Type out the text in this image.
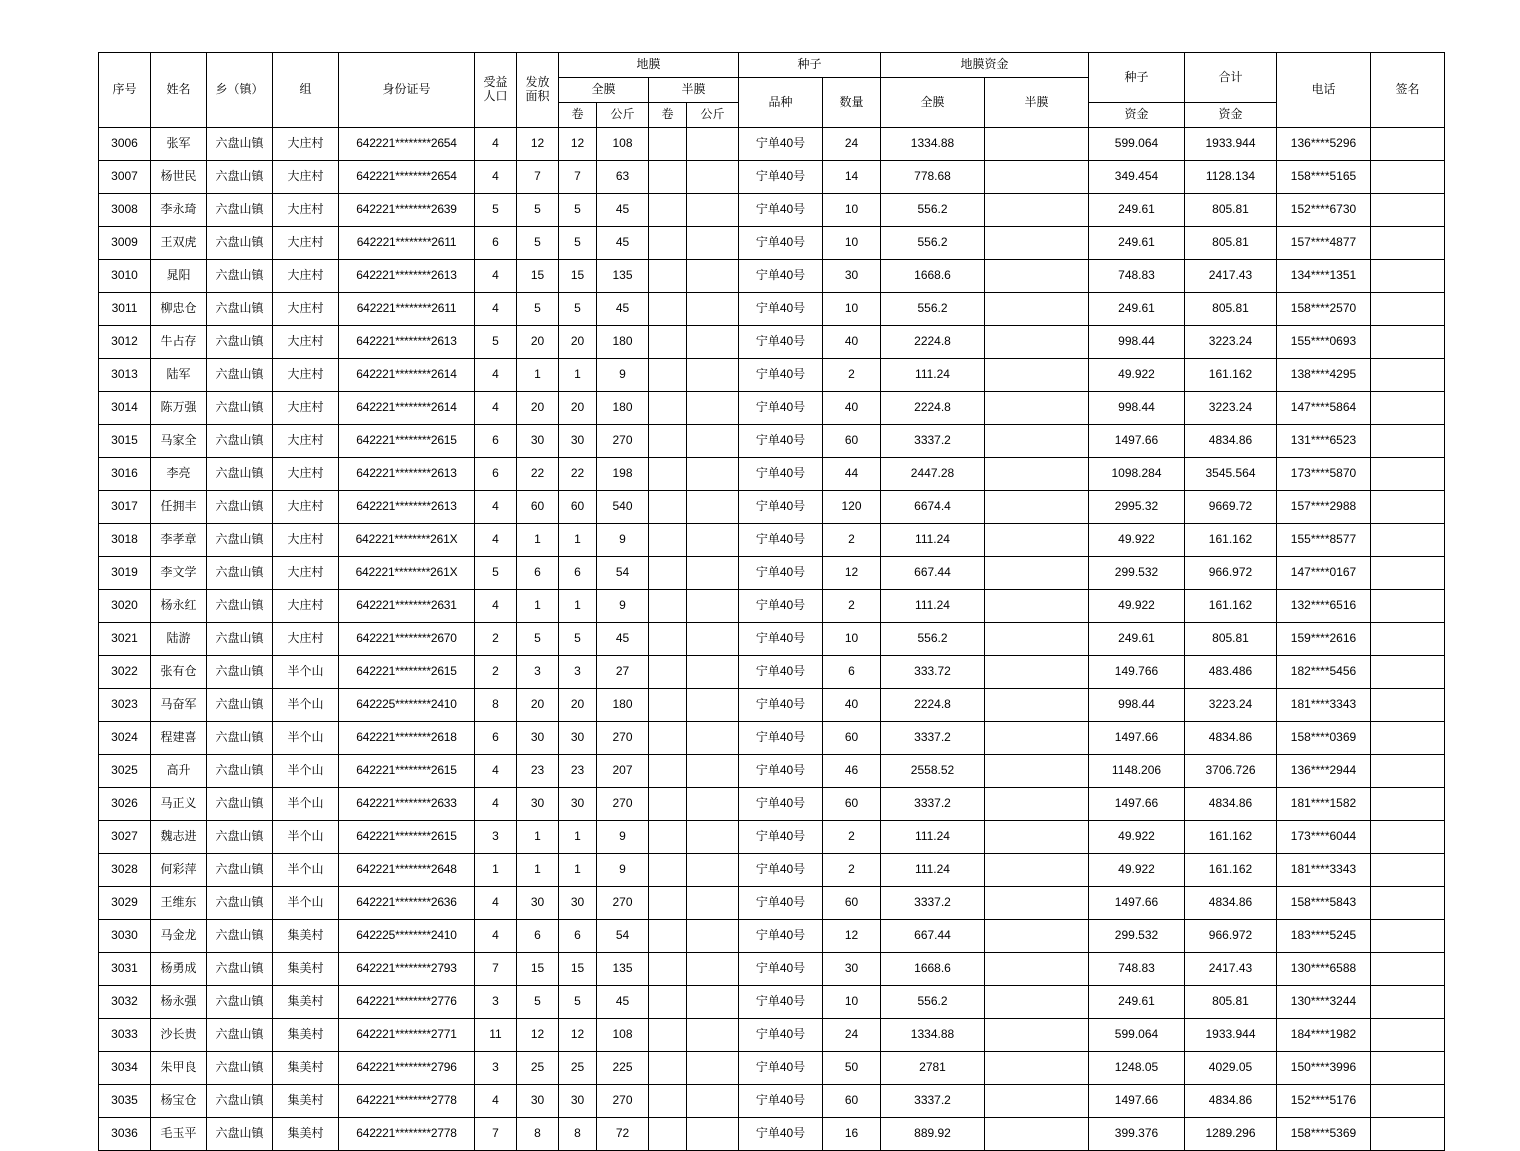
序号	姓名	乡（镇）	组	身份证号	受益
人口	发放
面积	地膜				种子		地膜资金		种子	合计	电话	签名
							全膜		半膜		品种	数量	全膜	半膜				
							卷	公斤	卷	公斤					资金	资金		
3006	张军	六盘山镇	大庄村	642221********2654	4	12	12	108			宁单40号	24	1334.88		599.064	1933.944	136****5296	
3007	杨世民	六盘山镇	大庄村	642221********2654	4	7	7	63			宁单40号	14	778.68		349.454	1128.134	158****5165	
3008	李永琦	六盘山镇	大庄村	642221********2639	5	5	5	45			宁单40号	10	556.2		249.61	805.81	152****6730	
3009	王双虎	六盘山镇	大庄村	642221********2611	6	5	5	45			宁单40号	10	556.2		249.61	805.81	157****4877	
3010	晁阳	六盘山镇	大庄村	642221********2613	4	15	15	135			宁单40号	30	1668.6		748.83	2417.43	134****1351	
3011	柳忠仓	六盘山镇	大庄村	642221********2611	4	5	5	45			宁单40号	10	556.2		249.61	805.81	158****2570	
3012	牛占存	六盘山镇	大庄村	642221********2613	5	20	20	180			宁单40号	40	2224.8		998.44	3223.24	155****0693	
3013	陆军	六盘山镇	大庄村	642221********2614	4	1	1	9			宁单40号	2	111.24		49.922	161.162	138****4295	
3014	陈万强	六盘山镇	大庄村	642221********2614	4	20	20	180			宁单40号	40	2224.8		998.44	3223.24	147****5864	
3015	马家全	六盘山镇	大庄村	642221********2615	6	30	30	270			宁单40号	60	3337.2		1497.66	4834.86	131****6523	
3016	李亮	六盘山镇	大庄村	642221********2613	6	22	22	198			宁单40号	44	2447.28		1098.284	3545.564	173****5870	
3017	任拥丰	六盘山镇	大庄村	642221********2613	4	60	60	540			宁单40号	120	6674.4		2995.32	9669.72	157****2988	
3018	李孝章	六盘山镇	大庄村	642221********261X	4	1	1	9			宁单40号	2	111.24		49.922	161.162	155****8577	
3019	李文学	六盘山镇	大庄村	642221********261X	5	6	6	54			宁单40号	12	667.44		299.532	966.972	147****0167	
3020	杨永红	六盘山镇	大庄村	642221********2631	4	1	1	9			宁单40号	2	111.24		49.922	161.162	132****6516	
3021	陆游	六盘山镇	大庄村	642221********2670	2	5	5	45			宁单40号	10	556.2		249.61	805.81	159****2616	
3022	张有仓	六盘山镇	半个山	642221********2615	2	3	3	27			宁单40号	6	333.72		149.766	483.486	182****5456	
3023	马奋军	六盘山镇	半个山	642225********2410	8	20	20	180			宁单40号	40	2224.8		998.44	3223.24	181****3343	
3024	程建喜	六盘山镇	半个山	642221********2618	6	30	30	270			宁单40号	60	3337.2		1497.66	4834.86	158****0369	
3025	高升	六盘山镇	半个山	642221********2615	4	23	23	207			宁单40号	46	2558.52		1148.206	3706.726	136****2944	
3026	马正义	六盘山镇	半个山	642221********2633	4	30	30	270			宁单40号	60	3337.2		1497.66	4834.86	181****1582	
3027	魏志进	六盘山镇	半个山	642221********2615	3	1	1	9			宁单40号	2	111.24		49.922	161.162	173****6044	
3028	何彩萍	六盘山镇	半个山	642221********2648	1	1	1	9			宁单40号	2	111.24		49.922	161.162	181****3343	
3029	王维东	六盘山镇	半个山	642221********2636	4	30	30	270			宁单40号	60	3337.2		1497.66	4834.86	158****5843	
3030	马金龙	六盘山镇	集美村	642225********2410	4	6	6	54			宁单40号	12	667.44		299.532	966.972	183****5245	
3031	杨勇成	六盘山镇	集美村	642221********2793	7	15	15	135			宁单40号	30	1668.6		748.83	2417.43	130****6588	
3032	杨永强	六盘山镇	集美村	642221********2776	3	5	5	45			宁单40号	10	556.2		249.61	805.81	130****3244	
3033	沙长贵	六盘山镇	集美村	642221********2771	11	12	12	108			宁单40号	24	1334.88		599.064	1933.944	184****1982	
3034	朱甲良	六盘山镇	集美村	642221********2796	3	25	25	225			宁单40号	50	2781		1248.05	4029.05	150****3996	
3035	杨宝仓	六盘山镇	集美村	642221********2778	4	30	30	270			宁单40号	60	3337.2		1497.66	4834.86	152****5176	
3036	毛玉平	六盘山镇	集美村	642221********2778	7	8	8	72			宁单40号	16	889.92		399.376	1289.296	158****5369	
